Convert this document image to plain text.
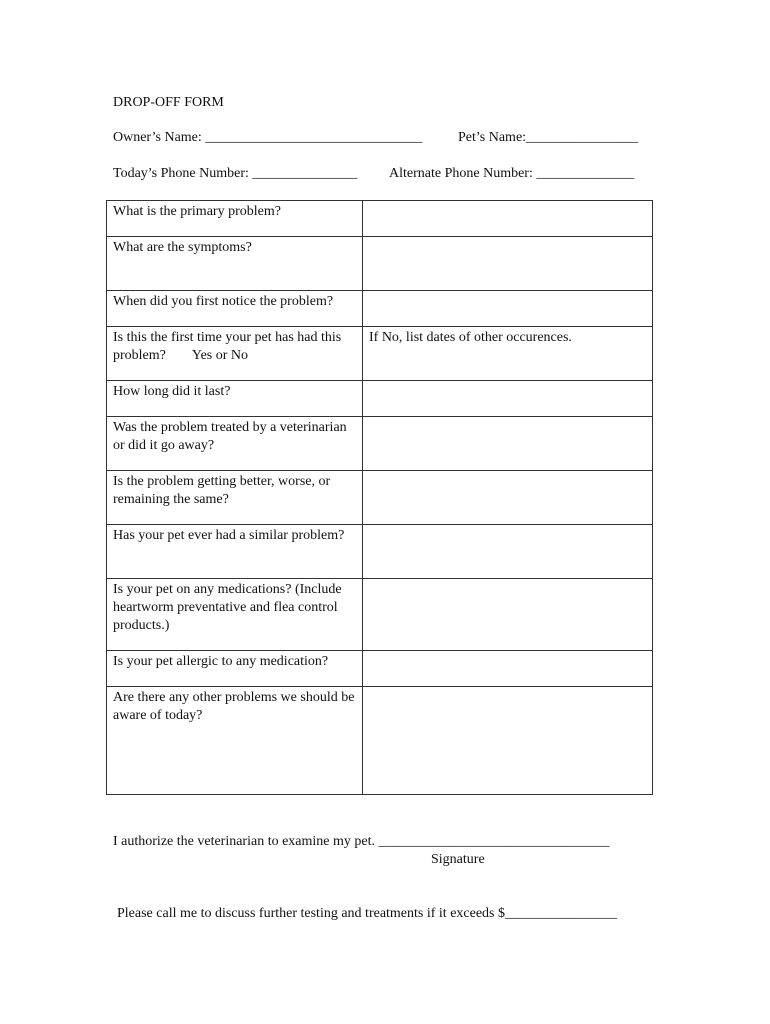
DROP-OFF FORM
Owner’s Name: _______________________________	Pet’s Name:________________
Today’s Phone Number: _______________ Alternate Phone Number: ______________
What is the primary problem?	
What are the symptoms?	
When did you first notice the problem?	
Is this the first time your pet has had this problem? Yes or No	If No, list dates of other occurences.
How long did it last?	
Was the problem treated by a veterinarian or did it go away?	
Is the problem getting better, worse, or remaining the same?	
Has your pet ever had a similar problem?	
Is your pet on any medications? (Include heartworm preventative and flea control products.)	
Is your pet allergic to any medication?	
Are there any other problems we should be aware of today?	
I authorize the veterinarian to examine my pet. _________________________________
Signature
Please call me to discuss further testing and treatments if it exceeds $________________
